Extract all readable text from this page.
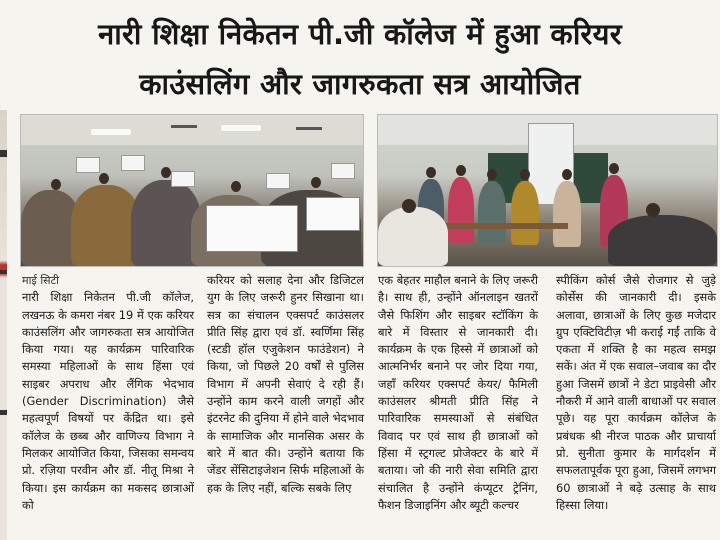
नारी शिक्षा निकेतन पी.जी कॉलेज में हुआ करियर
काउंसलिंग और जागरुकता सत्र आयोजित

माई सिटी

नारी शिक्षा निकेतन पी.जी कॉलेज, लखनऊ के कमरा नंबर 19 में एक करियर काउंसलिंग और जागरुकता सत्र आयोजित किया गया। यह कार्यक्रम पारिवारिक समस्या महिलाओं के साथ हिंसा एवं साइबर अपराध और लैंगिक भेदभाव (Gender Discrimination) जैसे महत्वपूर्ण विषयों पर केंद्रित था। इसे कॉलेज के छब्ब और वाणिज्य विभाग ने मिलकर आयोजित किया, जिसका समन्वय प्रो. रज़िया परवीन और डॉ. नीतू मिश्रा ने किया। इस कार्यक्रम का मकसद छात्राओं को

करियर को सलाह देना और डिजिटल युग के लिए जरूरी हुनर सिखाना था। सत्र का संचालन एक्सपर्ट काउंसलर प्रीति सिंह द्वारा एवं डॉ. स्वर्णिमा सिंह (स्टडी हॉल एजुकेशन फाउंडेशन) ने किया, जो पिछले 20 वर्षों से पुलिस विभाग में अपनी सेवाएं दे रही हैं। उन्होंने काम करने वाली जगहों और इंटरनेट की दुनिया में होने वाले भेदभाव के सामाजिक और मानसिक असर के बारे में बात की। उन्होंने बताया कि जेंडर सेंसिटाइजेशन सिर्फ महिलाओं के हक के लिए नहीं, बल्कि सबके लिए

एक बेहतर माहौल बनाने के लिए जरूरी है। साथ ही, उन्होंने ऑनलाइन खतरों जैसे फिशिंग और साइबर स्टॉकिंग के बारे में विस्तार से जानकारी दी। कार्यक्रम के एक हिस्से में छात्राओं को आत्मनिर्भर बनाने पर जोर दिया गया, जहाँ करियर एक्सपर्ट केयर/ फैमिली काउंसलर श्रीमती प्रीति सिंह ने पारिवारिक समस्याओं से संबंधित विवाद पर एवं साथ ही छात्राओं को हिंसा में स्ट्रगल्ट प्रोजेक्टर के बारे में बताया। जो की नारी सेवा समिति द्वारा संचालित है उन्होंने कंप्यूटर ट्रेनिंग, फैशन डिजाइनिंग और ब्यूटी कल्चर

स्पीकिंग कोर्स जैसे रोजगार से जुड़े कोर्सेस की जानकारी दी। इसके अलावा, छात्राओं के लिए कुछ मजेदार ग्रुप एक्टिविटीज़ भी कराई गईं ताकि वे एकता में शक्ति है का महत्व समझ सकें। अंत में एक सवाल–जवाब का दौर हुआ जिसमें छात्रों ने डेटा प्राइवेसी और नौकरी में आने वाली बाधाओं पर सवाल पूछे। यह पूरा कार्यक्रम कॉलेज के प्रबंधक श्री नीरज पाठक और प्राचार्या प्रो. सुनीता कुमार के मार्गदर्शन में सफलतापूर्वक पूरा हुआ, जिसमें लगभग 60 छात्राओं ने बढ़े उत्साह के साथ हिस्सा लिया।
